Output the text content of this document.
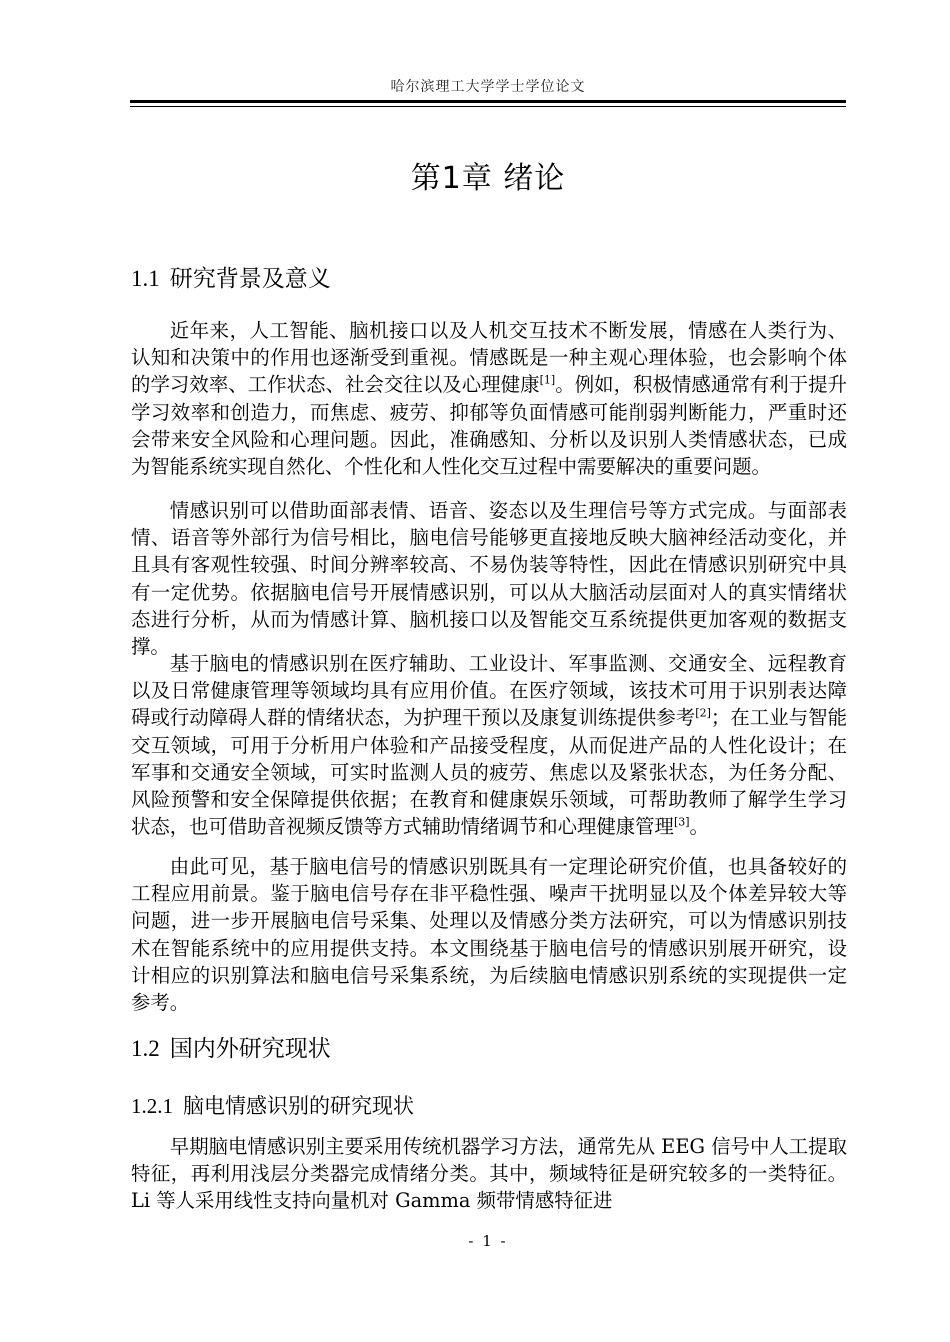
哈尔滨理工大学学士学位论文
第1章 绪论
1.1 研究背景及意义

近年来，人工智能、脑机接口以及人机交互技术不断发展，情感在人类行为、认知和决策中的作用也逐渐受到重视。情感既是一种主观心理体验，也会影响个体的学习效率、工作状态、社会交往以及心理健康[1]。例如，积极情感通常有利于提升学习效率和创造力，而焦虑、疲劳、抑郁等负面情感可能削弱判断能力，严重时还会带来安全风险和心理问题。因此，准确感知、分析以及识别人类情感状态，已成为智能系统实现自然化、个性化和人性化交互过程中需要解决的重要问题。

情感识别可以借助面部表情、语音、姿态以及生理信号等方式完成。与面部表情、语音等外部行为信号相比，脑电信号能够更直接地反映大脑神经活动变化，并且具有客观性较强、时间分辨率较高、不易伪装等特性，因此在情感识别研究中具有一定优势。依据脑电信号开展情感识别，可以从大脑活动层面对人的真实情绪状态进行分析，从而为情感计算、脑机接口以及智能交互系统提供更加客观的数据支撑。

基于脑电的情感识别在医疗辅助、工业设计、军事监测、交通安全、远程教育以及日常健康管理等领域均具有应用价值。在医疗领域，该技术可用于识别表达障碍或行动障碍人群的情绪状态，为护理干预以及康复训练提供参考[2]；在工业与智能交互领域，可用于分析用户体验和产品接受程度，从而促进产品的人性化设计；在军事和交通安全领域，可实时监测人员的疲劳、焦虑以及紧张状态，为任务分配、风险预警和安全保障提供依据；在教育和健康娱乐领域，可帮助教师了解学生学习状态，也可借助音视频反馈等方式辅助情绪调节和心理健康管理[3]。

由此可见，基于脑电信号的情感识别既具有一定理论研究价值，也具备较好的工程应用前景。鉴于脑电信号存在非平稳性强、噪声干扰明显以及个体差异较大等问题，进一步开展脑电信号采集、处理以及情感分类方法研究，可以为情感识别技术在智能系统中的应用提供支持。本文围绕基于脑电信号的情感识别展开研究，设计相应的识别算法和脑电信号采集系统，为后续脑电情感识别系统的实现提供一定参考。

1.2 国内外研究现状
1.2.1 脑电情感识别的研究现状

早期脑电情感识别主要采用传统机器学习方法，通常先从 EEG 信号中人工提取特征，再利用浅层分类器完成情绪分类。其中，频域特征是研究较多的一类特征。Li 等人采用线性支持向量机对 Gamma 频带情感特征进

- 1 -
